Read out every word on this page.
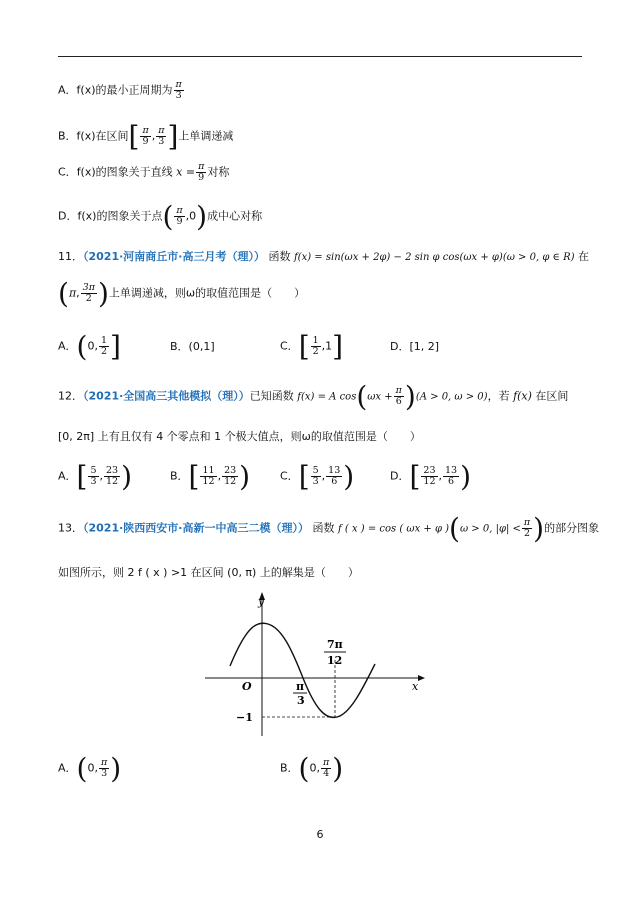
A．f(x)的最小正周期为 $\frac{\pi}{3}$
B．f(x)在区间[ $\frac{\pi}{9}$ , $\frac{\pi}{3}$ ]上单调递减
C．f(x)的图象关于直线 $x = \frac{\pi}{9}$ 对称
D．f(x)的图象关于点( $\frac{\pi}{9} ,0$)成中心对称
11．（2021·河南商丘市·高三月考（理）） 函数 f(x) = sin(ωx + 2φ) − 2 sin φ cos(ωx + φ)(ω > 0, φ ∈ R) 在
(π, $\frac{3\pi}{2}$ )上单调递减，则ω的取值范围是（　　）
A．(0, $\frac{1}{2}$ ]	B．(0,1]	C．[ $\frac{1}{2} ,1$]	D．[1, 2]
12．（2021·全国高三其他模拟（理））已知函数 f(x) = A $\cos(\omega x + \frac{\pi}{6} )(A > 0$, ω > 0)，若 f(x) 在区间
[0, 2π] 上有且仅有 4 个零点和 1 个极大值点，则ω的取值范围是（　　）
A．[ $\frac{5}{3}$ , $\frac{23}{12}$ )	B．[ $\frac{11}{12}$ , $\frac{23}{12}$ )	C．[ $\frac{5}{3}$ , $\frac{13}{6}$ )	D．[ $\frac{23}{12}$ , $\frac{13}{6}$ )
13．（2021·陕西西安市·高新一中高三二模（理）） 函数 f ( x ) = cos ( ωx + φ )(ω > 0, $|\varphi| < \frac{\pi}{2}$ )的部分图象
如图所示，则 2 f ( x ) >1 在区间 (0, π) 上的解集是（　　）
y
x
O	π
3
7π
12
−1
A．(0, $\frac{\pi}{3}$ )	B．(0, $\frac{\pi}{4}$ )
6
